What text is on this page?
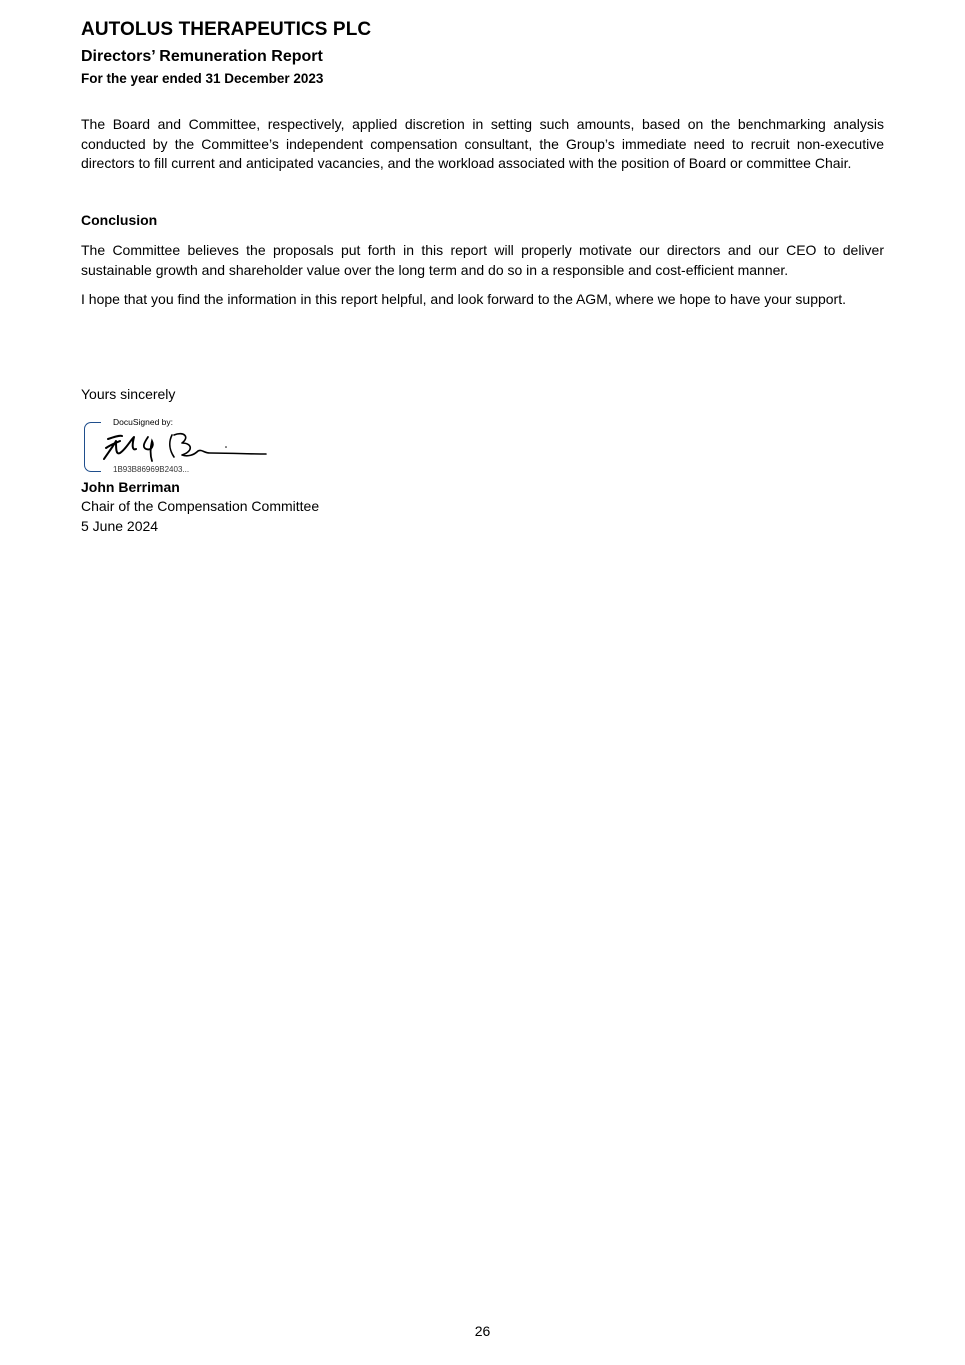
AUTOLUS THERAPEUTICS PLC
Directors’ Remuneration Report
For the year ended 31 December 2023
The Board and Committee, respectively, applied discretion in setting such amounts, based on the benchmarking analysis conducted by the Committee’s independent compensation consultant, the Group’s immediate need to recruit non-executive directors to fill current and anticipated vacancies, and the workload associated with the position of Board or committee Chair.
Conclusion
The Committee believes the proposals put forth in this report will properly motivate our directors and our CEO to deliver sustainable growth and shareholder value over the long term and do so in a responsible and cost-efficient manner.
I hope that you find the information in this report helpful, and look forward to the AGM, where we hope to have your support.
Yours sincerely
DocuSigned by:
1B93B86969B2403...
John Berriman
Chair of the Compensation Committee
5 June 2024
26
